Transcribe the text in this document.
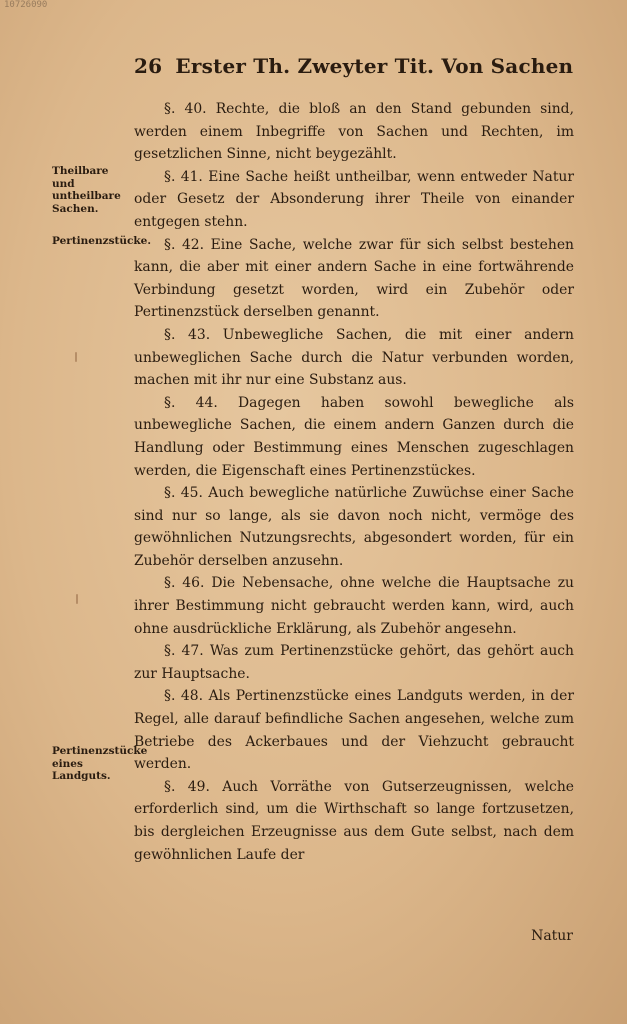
10726090
26 Erster Th. Zweyter Tit. Von Sachen
Theilbare und untheilbare Sachen.
Pertinenzstücke.
Pertinenzstücke eines Landguts.

§. 40. Rechte, die bloß an den Stand gebunden sind, werden einem Inbegriffe von Sachen und Rechten, im gesetzlichen Sinne, nicht beygezählt.

§. 41. Eine Sache heißt untheilbar, wenn entweder Natur oder Gesetz der Absonderung ihrer Theile von einander entgegen stehn.

§. 42. Eine Sache, welche zwar für sich selbst bestehen kann, die aber mit einer andern Sache in eine fortwährende Verbindung gesetzt worden, wird ein Zubehör oder Pertinenzstück derselben genannt.

§. 43. Unbewegliche Sachen, die mit einer andern unbeweglichen Sache durch die Natur verbunden worden, machen mit ihr nur eine Substanz aus.

§. 44. Dagegen haben sowohl bewegliche als unbewegliche Sachen, die einem andern Ganzen durch die Handlung oder Bestimmung eines Menschen zugeschlagen werden, die Eigenschaft eines Pertinenzstückes.

§. 45. Auch bewegliche natürliche Zuwüchse einer Sache sind nur so lange, als sie davon noch nicht, vermöge des gewöhnlichen Nutzungsrechts, abgesondert worden, für ein Zubehör derselben anzusehn.

§. 46. Die Nebensache, ohne welche die Hauptsache zu ihrer Bestimmung nicht gebraucht werden kann, wird, auch ohne ausdrückliche Erklärung, als Zubehör angesehn.

§. 47. Was zum Pertinenzstücke gehört, das gehört auch zur Hauptsache.

§. 48. Als Pertinenzstücke eines Landguts werden, in der Regel, alle darauf befindliche Sachen angesehen, welche zum Betriebe des Ackerbaues und der Viehzucht gebraucht werden.

§. 49. Auch Vorräthe von Gutserzeugnissen, welche erforderlich sind, um die Wirthschaft so lange fortzusetzen, bis dergleichen Erzeugnisse aus dem Gute selbst, nach dem gewöhnlichen Laufe der

Natur
